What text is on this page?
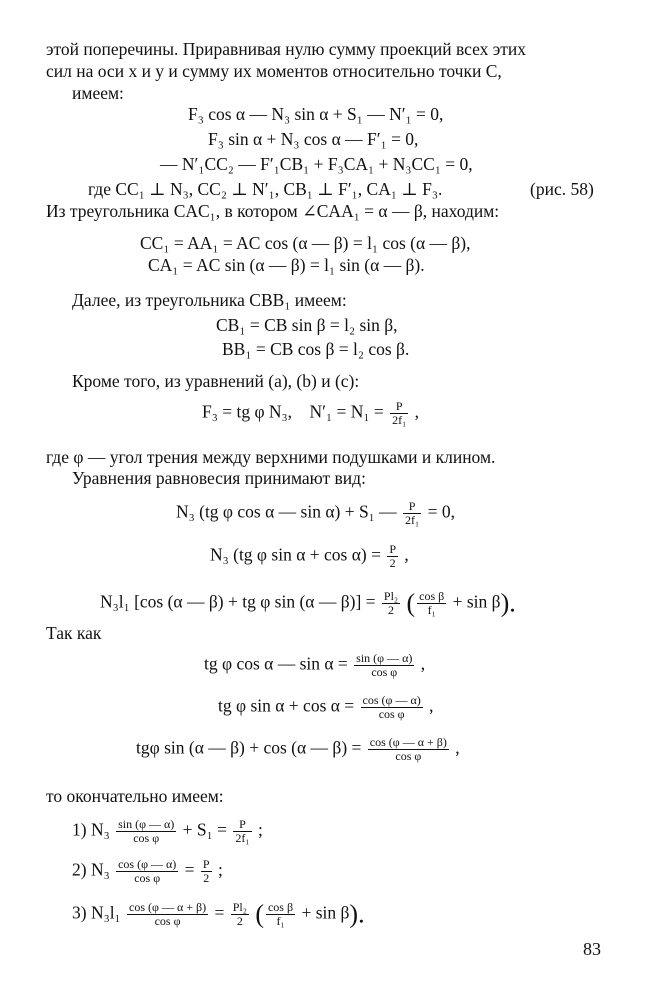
этой поперечины. Приравнивая нулю сумму проекций всех этих
сил на оси x и y и сумму их моментов относительно точки C,
имеем:
F₃ cos α — N₃ sin α + S₁ — N′₁ = 0,
F₃ sin α + N₃ cos α — F′₁ = 0,
— N′₁CC₂ — F′₁CB₁ + F₃CA₁ + N₃CC₁ = 0,
где CC₁ ⊥ N₃, CC₂ ⊥ N′₁, CB₁ ⊥ F′₁, CA₁ ⊥ F₃.	(рис. 58)
Из треугольника CAC₁, в котором ∠CAA₁ = α — β, находим:
CC₁ = AA₁ = AC cos (α — β) = l₁ cos (α — β),
CA₁ = AC sin (α — β) = l₁ sin (α — β).
Далее, из треугольника CBB₁ имеем:
CB₁ = CB sin β = l₂ sin β,
BB₁ = CB cos β = l₂ cos β.
Кроме того, из уравнений (a), (b) и (c):
F₃ = tg φ N₃, $N'_1 = N_1 = \frac{P}{\text{2f₁}}$ ,
где φ — угол трения между верхними подушками и клином.
Уравнения равновесия принимают вид:
N₃ (tg φ cos α — sin α) + S₁ — $\frac{P}{\text{2f₁}} = 0$,
N₃ (tg φ $\sin \alpha + \cos \alpha) = \frac{P}{2}$ ,
N₃l₁ [cos (α — β) + tg φ sin (α — $\beta)] = \frac{\text{Pl₂}}{2}$ ( $\frac{\text{cos β}}{\text{f₁}} + \sin \beta$).
Так как
tg φ cos α — $\sin \alpha = \frac{\sin (\varphi — \alpha)}{\text{cos φ}}$ ,
tg φ $\sin \alpha + \cos \alpha = \frac{\cos (\varphi — \alpha)}{\text{cos φ}}$ ,
tgφ sin (α — β) + cos (α — $\beta) = \frac{\cos (\varphi — \alpha + \beta)}{\text{cos φ}}$ ,
то окончательно имеем:
1) $N_3 \frac{\sin (\varphi — \alpha)}{\text{cos φ}} + S_1 = \frac{P}{\text{2f₁}}$ ;
2) $N_3 \frac{\cos (\varphi — \alpha)}{\text{cos φ}} = \frac{P}{2}$ ;
3) $N_3l_1 \frac{\cos (\varphi — \alpha + \beta)}{\text{cos φ}} = \frac{\text{Pl₂}}{2}$ ( $\frac{\text{cos β}}{\text{f₁}} + \sin \beta$).
83
